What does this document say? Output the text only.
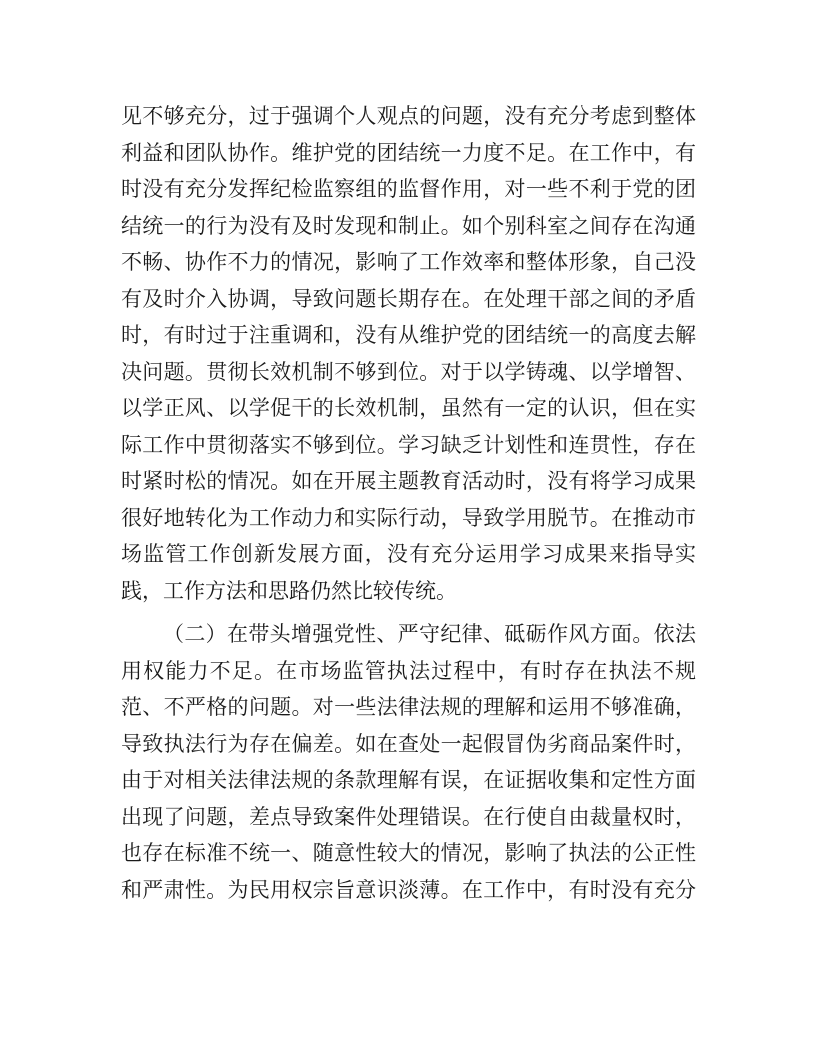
见不够充分，过于强调个人观点的问题，没有充分考虑到整体
利益和团队协作。维护党的团结统一力度不足。在工作中，有
时没有充分发挥纪检监察组的监督作用，对一些不利于党的团
结统一的行为没有及时发现和制止。如个别科室之间存在沟通
不畅、协作不力的情况，影响了工作效率和整体形象，自己没
有及时介入协调，导致问题长期存在。在处理干部之间的矛盾
时，有时过于注重调和，没有从维护党的团结统一的高度去解
决问题。贯彻长效机制不够到位。对于以学铸魂、以学增智、
以学正风、以学促干的长效机制，虽然有一定的认识，但在实
际工作中贯彻落实不够到位。学习缺乏计划性和连贯性，存在
时紧时松的情况。如在开展主题教育活动时，没有将学习成果
很好地转化为工作动力和实际行动，导致学用脱节。在推动市
场监管工作创新发展方面，没有充分运用学习成果来指导实
践，工作方法和思路仍然比较传统。
（二）在带头增强党性、严守纪律、砥砺作风方面。依法
用权能力不足。在市场监管执法过程中，有时存在执法不规
范、不严格的问题。对一些法律法规的理解和运用不够准确，
导致执法行为存在偏差。如在查处一起假冒伪劣商品案件时，
由于对相关法律法规的条款理解有误，在证据收集和定性方面
出现了问题，差点导致案件处理错误。在行使自由裁量权时，
也存在标准不统一、随意性较大的情况，影响了执法的公正性
和严肃性。为民用权宗旨意识淡薄。在工作中，有时没有充分
